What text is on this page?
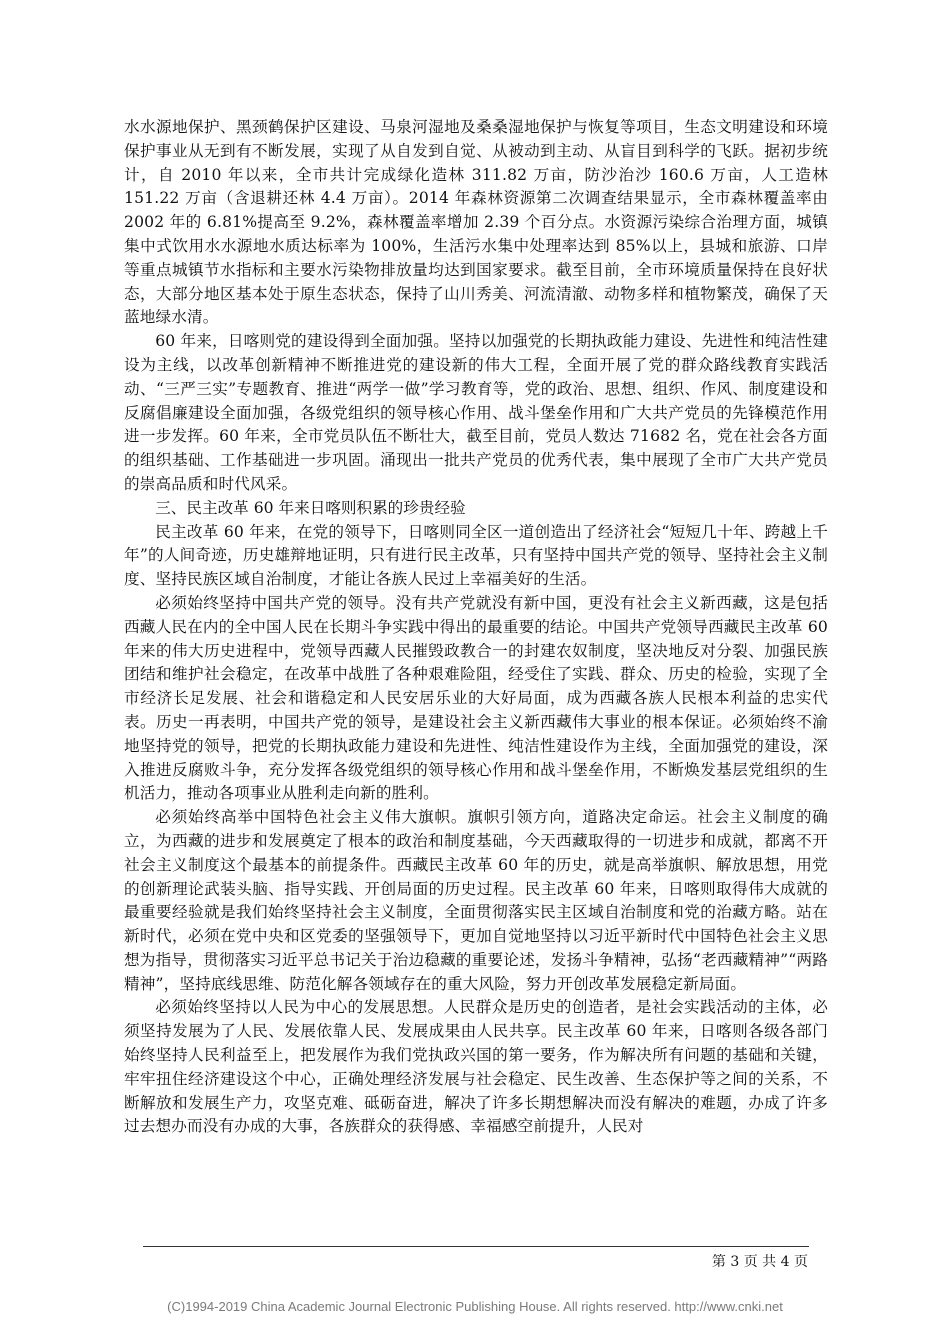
水水源地保护、黑颈鹤保护区建设、马泉河湿地及桑桑湿地保护与恢复等项目，生态文明建设和环境保护事业从无到有不断发展，实现了从自发到自觉、从被动到主动、从盲目到科学的飞跃。据初步统计，自 2010 年以来，全市共计完成绿化造林 311.82 万亩，防沙治沙 160.6 万亩，人工造林 151.22 万亩（含退耕还林 4.4 万亩）。2014 年森林资源第二次调查结果显示，全市森林覆盖率由 2002 年的 6.81%提高至 9.2%，森林覆盖率增加 2.39 个百分点。水资源污染综合治理方面，城镇集中式饮用水水源地水质达标率为 100%，生活污水集中处理率达到 85%以上，县城和旅游、口岸等重点城镇节水指标和主要水污染物排放量均达到国家要求。截至目前，全市环境质量保持在良好状态，大部分地区基本处于原生态状态，保持了山川秀美、河流清澈、动物多样和植物繁茂，确保了天蓝地绿水清。

60 年来，日喀则党的建设得到全面加强。坚持以加强党的长期执政能力建设、先进性和纯洁性建设为主线，以改革创新精神不断推进党的建设新的伟大工程，全面开展了党的群众路线教育实践活动、“三严三实”专题教育、推进“两学一做”学习教育等，党的政治、思想、组织、作风、制度建设和反腐倡廉建设全面加强，各级党组织的领导核心作用、战斗堡垒作用和广大共产党员的先锋模范作用进一步发挥。60 年来，全市党员队伍不断壮大，截至目前，党员人数达 71682 名，党在社会各方面的组织基础、工作基础进一步巩固。涌现出一批共产党员的优秀代表，集中展现了全市广大共产党员的崇高品质和时代风采。

三、民主改革 60 年来日喀则积累的珍贵经验

民主改革 60 年来，在党的领导下，日喀则同全区一道创造出了经济社会“短短几十年、跨越上千年”的人间奇迹，历史雄辩地证明，只有进行民主改革，只有坚持中国共产党的领导、坚持社会主义制度、坚持民族区域自治制度，才能让各族人民过上幸福美好的生活。

必须始终坚持中国共产党的领导。没有共产党就没有新中国，更没有社会主义新西藏，这是包括西藏人民在内的全中国人民在长期斗争实践中得出的最重要的结论。中国共产党领导西藏民主改革 60 年来的伟大历史进程中，党领导西藏人民摧毁政教合一的封建农奴制度，坚决地反对分裂、加强民族团结和维护社会稳定，在改革中战胜了各种艰难险阻，经受住了实践、群众、历史的检验，实现了全市经济长足发展、社会和谐稳定和人民安居乐业的大好局面，成为西藏各族人民根本利益的忠实代表。历史一再表明，中国共产党的领导，是建设社会主义新西藏伟大事业的根本保证。必须始终不渝地坚持党的领导，把党的长期执政能力建设和先进性、纯洁性建设作为主线，全面加强党的建设，深入推进反腐败斗争，充分发挥各级党组织的领导核心作用和战斗堡垒作用，不断焕发基层党组织的生机活力，推动各项事业从胜利走向新的胜利。

必须始终高举中国特色社会主义伟大旗帜。旗帜引领方向，道路决定命运。社会主义制度的确立，为西藏的进步和发展奠定了根本的政治和制度基础，今天西藏取得的一切进步和成就，都离不开社会主义制度这个最基本的前提条件。西藏民主改革 60 年的历史，就是高举旗帜、解放思想，用党的创新理论武装头脑、指导实践、开创局面的历史过程。民主改革 60 年来，日喀则取得伟大成就的最重要经验就是我们始终坚持社会主义制度，全面贯彻落实民主区域自治制度和党的治藏方略。站在新时代，必须在党中央和区党委的坚强领导下，更加自觉地坚持以习近平新时代中国特色社会主义思想为指导，贯彻落实习近平总书记关于治边稳藏的重要论述，发扬斗争精神，弘扬“老西藏精神”“两路精神”，坚持底线思维、防范化解各领域存在的重大风险，努力开创改革发展稳定新局面。

必须始终坚持以人民为中心的发展思想。人民群众是历史的创造者，是社会实践活动的主体，必须坚持发展为了人民、发展依靠人民、发展成果由人民共享。民主改革 60 年来，日喀则各级各部门始终坚持人民利益至上，把发展作为我们党执政兴国的第一要务，作为解决所有问题的基础和关键，牢牢扭住经济建设这个中心，正确处理经济发展与社会稳定、民生改善、生态保护等之间的关系，不断解放和发展生产力，攻坚克难、砥砺奋进，解决了许多长期想解决而没有解决的难题，办成了许多过去想办而没有办成的大事，各族群众的获得感、幸福感空前提升，人民对

第 3 页 共 4 页
(C)1994-2019 China Academic Journal Electronic Publishing House. All rights reserved. http://www.cnki.net
